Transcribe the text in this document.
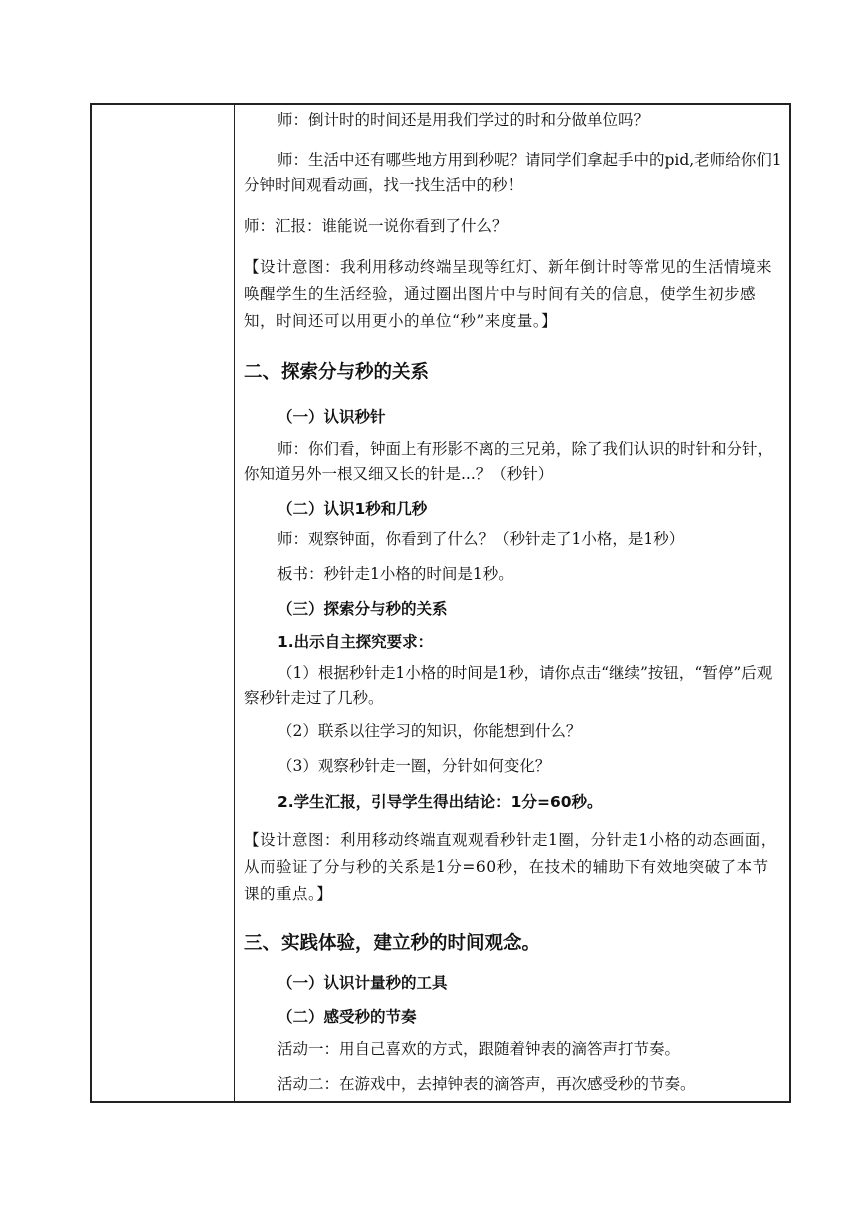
师：倒计时的时间还是用我们学过的时和分做单位吗？
师：生活中还有哪些地方用到秒呢？请同学们拿起手中的pid,老师给你们1分钟时间观看动画，找一找生活中的秒！
师：汇报：谁能说一说你看到了什么？
【设计意图：我利用移动终端呈现等红灯、新年倒计时等常见的生活情境来唤醒学生的生活经验，通过圈出图片中与时间有关的信息，使学生初步感知，时间还可以用更小的单位“秒”来度量。】
二、探索分与秒的关系
（一）认识秒针
师：你们看，钟面上有形影不离的三兄弟，除了我们认识的时针和分针，你知道另外一根又细又长的针是...？（秒针）
（二）认识1秒和几秒
师：观察钟面，你看到了什么？（秒针走了1小格，是1秒）
板书：秒针走1小格的时间是1秒。
（三）探索分与秒的关系
1.出示自主探究要求：
（1）根据秒针走1小格的时间是1秒，请你点击“继续”按钮，“暂停”后观察秒针走过了几秒。
（2）联系以往学习的知识，你能想到什么？
（3）观察秒针走一圈，分针如何变化？
2.学生汇报，引导学生得出结论：1分=60秒。
【设计意图：利用移动终端直观观看秒针走1圈，分针走1小格的动态画面，从而验证了分与秒的关系是1分=60秒，在技术的辅助下有效地突破了本节课的重点。】
三、实践体验，建立秒的时间观念。
（一）认识计量秒的工具
（二）感受秒的节奏
活动一：用自己喜欢的方式，跟随着钟表的滴答声打节奏。
活动二：在游戏中，去掉钟表的滴答声，再次感受秒的节奏。
